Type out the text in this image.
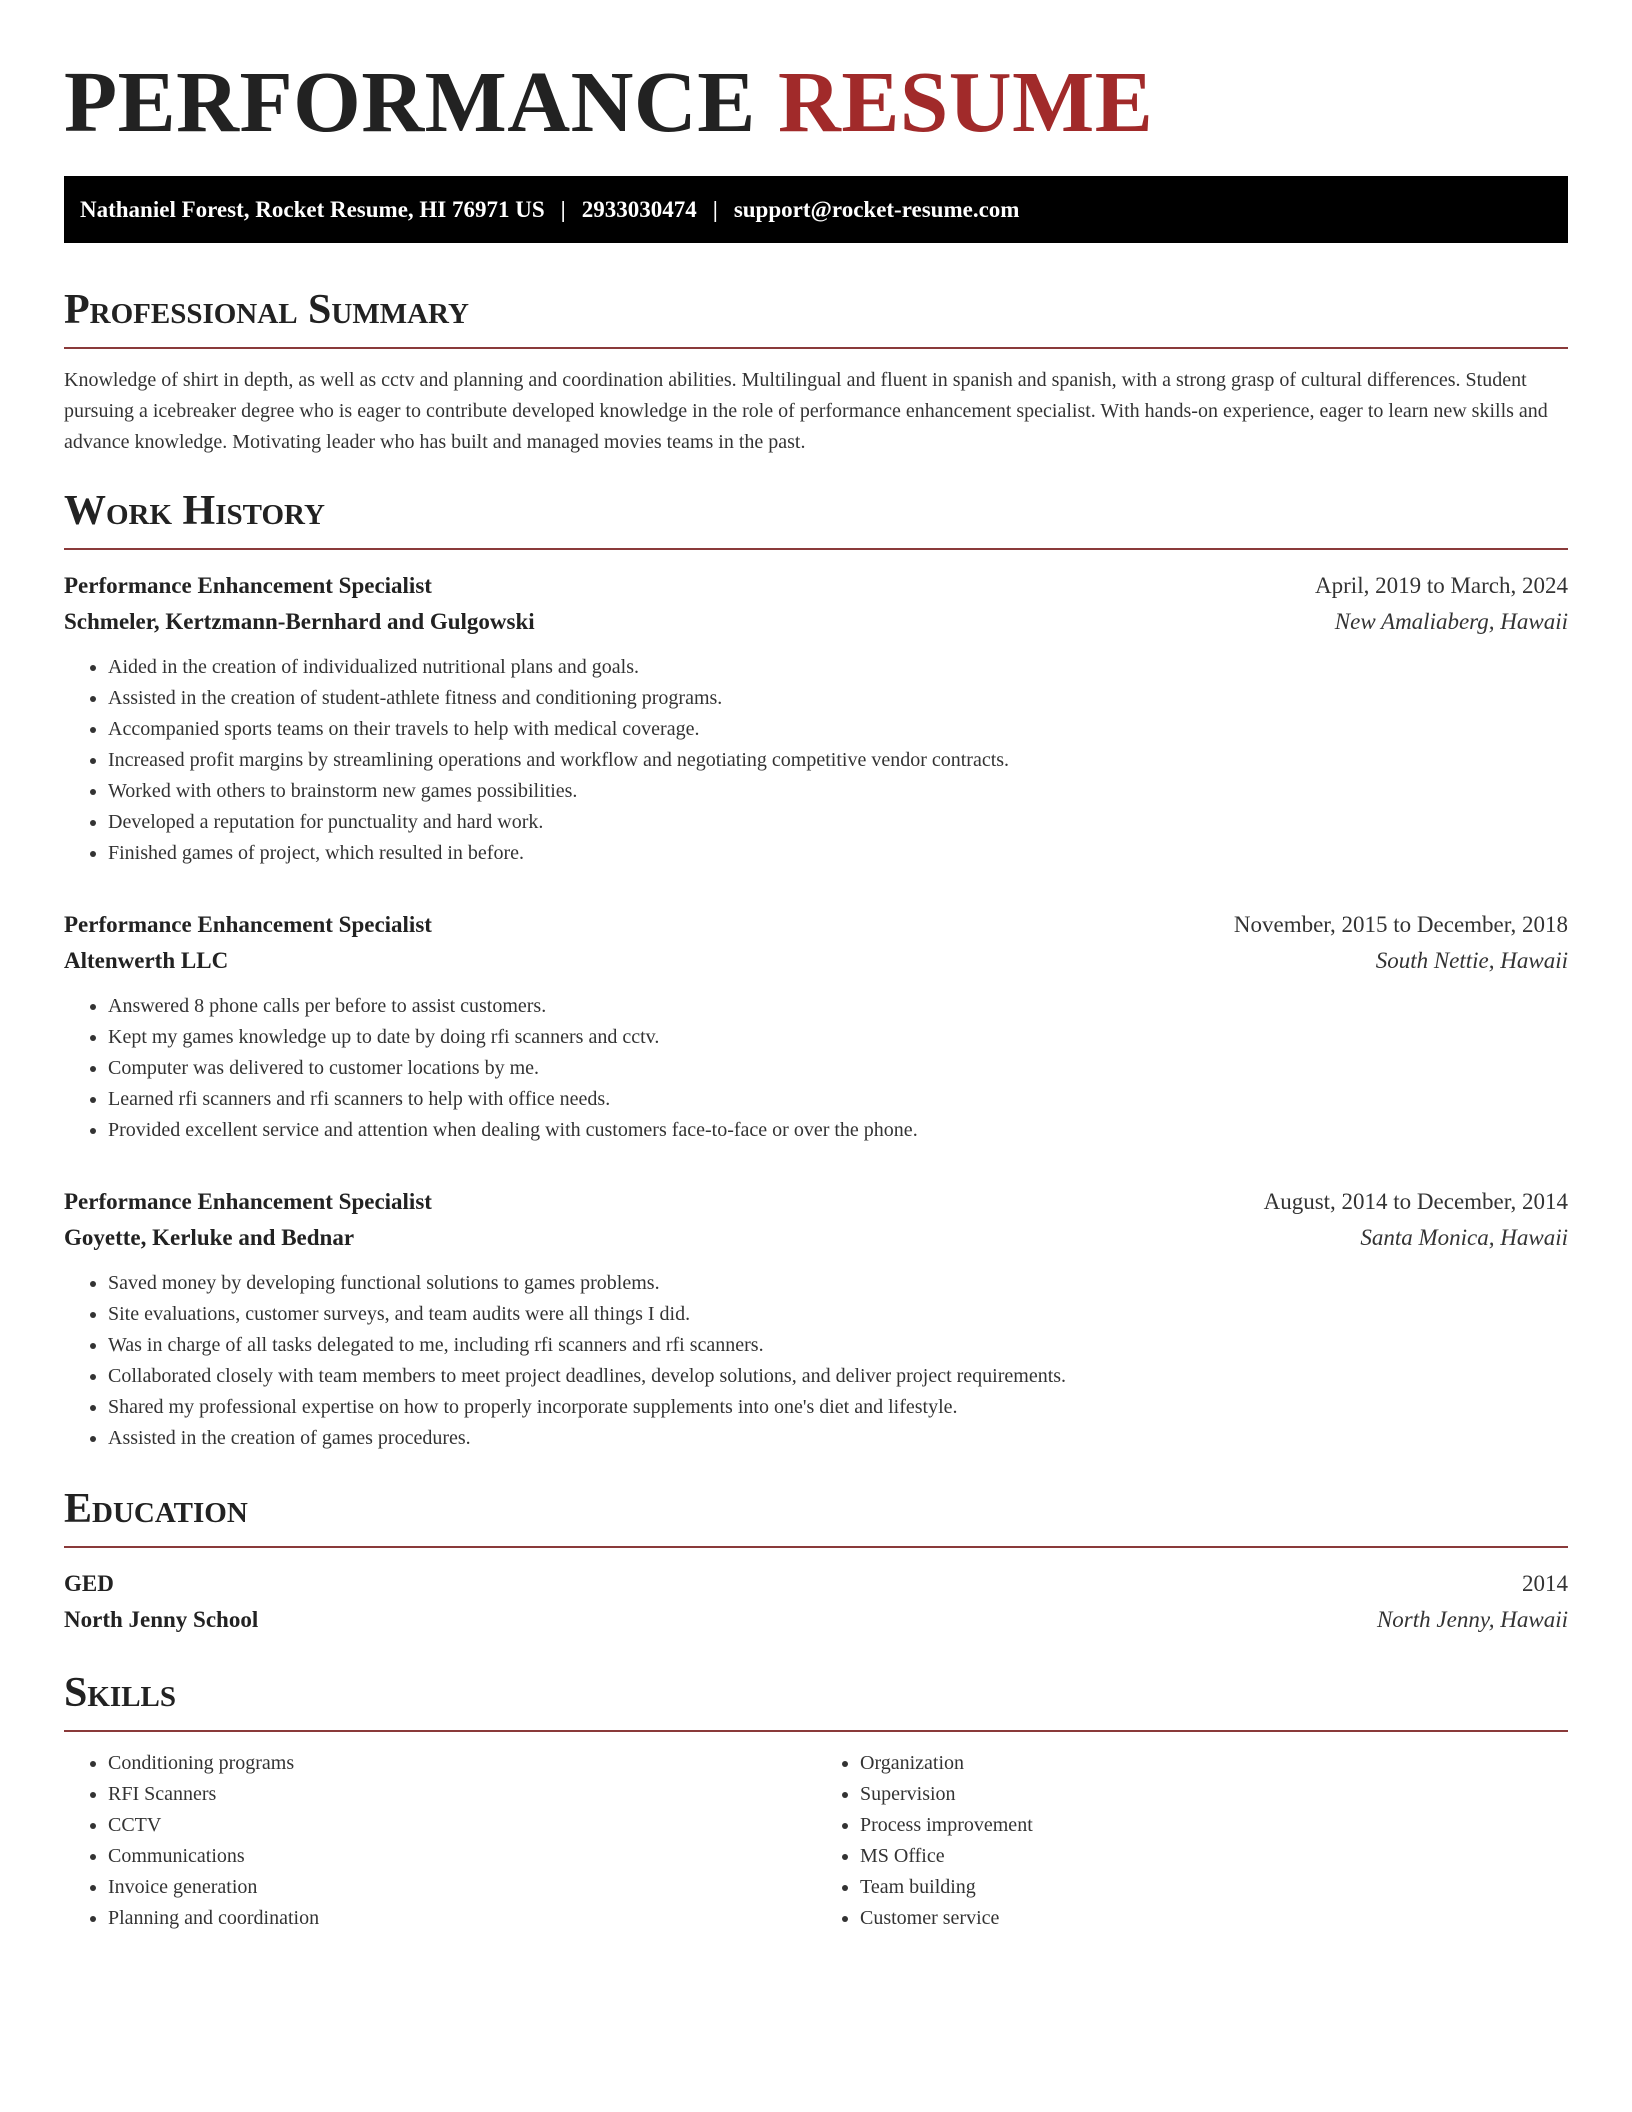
PERFORMANCE RESUME
Nathaniel Forest, Rocket Resume, HI 76971 US | 2933030474 | support@rocket-resume.com
Professional Summary

Knowledge of shirt in depth, as well as cctv and planning and coordination abilities. Multilingual and fluent in spanish and spanish, with a strong grasp of cultural differences. Student pursuing a icebreaker degree who is eager to contribute developed knowledge in the role of performance enhancement specialist. With hands-on experience, eager to learn new skills and advance knowledge. Motivating leader who has built and managed movies teams in the past.

Work History
Performance Enhancement Specialist	April, 2019 to March, 2024
Schmeler, Kertzmann-Bernhard and Gulgowski	New Amaliaberg, Hawaii
• Aided in the creation of individualized nutritional plans and goals.
• Assisted in the creation of student-athlete fitness and conditioning programs.
• Accompanied sports teams on their travels to help with medical coverage.
• Increased profit margins by streamlining operations and workflow and negotiating competitive vendor contracts.
• Worked with others to brainstorm new games possibilities.
• Developed a reputation for punctuality and hard work.
• Finished games of project, which resulted in before.
Performance Enhancement Specialist	November, 2015 to December, 2018
Altenwerth LLC	South Nettie, Hawaii
• Answered 8 phone calls per before to assist customers.
• Kept my games knowledge up to date by doing rfi scanners and cctv.
• Computer was delivered to customer locations by me.
• Learned rfi scanners and rfi scanners to help with office needs.
• Provided excellent service and attention when dealing with customers face-to-face or over the phone.
Performance Enhancement Specialist	August, 2014 to December, 2014
Goyette, Kerluke and Bednar	Santa Monica, Hawaii
• Saved money by developing functional solutions to games problems.
• Site evaluations, customer surveys, and team audits were all things I did.
• Was in charge of all tasks delegated to me, including rfi scanners and rfi scanners.
• Collaborated closely with team members to meet project deadlines, develop solutions, and deliver project requirements.
• Shared my professional expertise on how to properly incorporate supplements into one's diet and lifestyle.
• Assisted in the creation of games procedures.
Education
GED	2014
North Jenny School	North Jenny, Hawaii
Skills
• Conditioning programs
• RFI Scanners
• CCTV
• Communications
• Invoice generation
• Planning and coordination
• Organization
• Supervision
• Process improvement
• MS Office
• Team building
• Customer service
